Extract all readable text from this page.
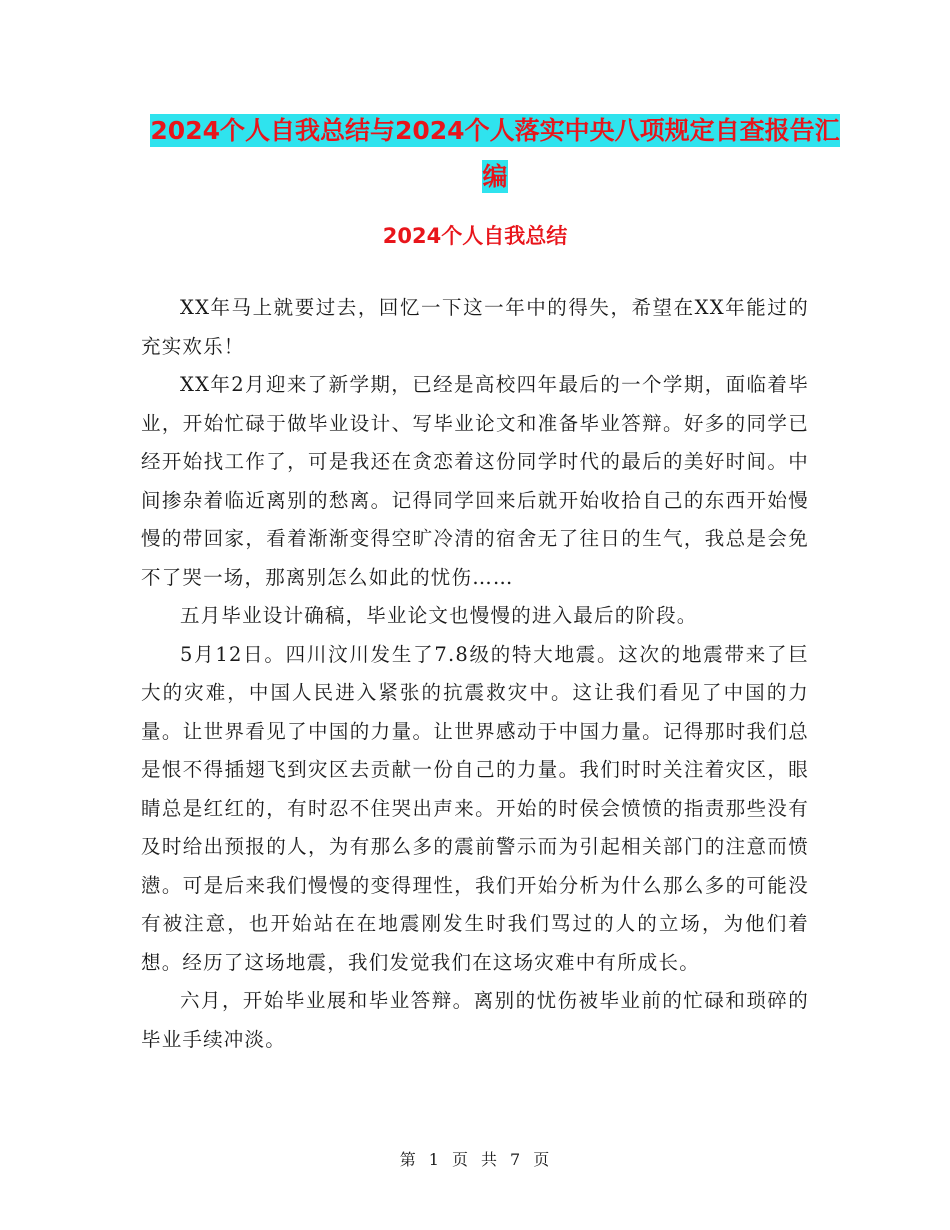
2024个人自我总结与2024个人落实中央八项规定自查报告汇编
2024个人自我总结

XX年马上就要过去，回忆一下这一年中的得失，希望在XX年能过的充实欢乐！

XX年2月迎来了新学期，已经是高校四年最后的一个学期，面临着毕业，开始忙碌于做毕业设计、写毕业论文和准备毕业答辩。好多的同学已经开始找工作了，可是我还在贪恋着这份同学时代的最后的美好时间。中间掺杂着临近离别的愁离。记得同学回来后就开始收拾自己的东西开始慢慢的带回家，看着渐渐变得空旷冷清的宿舍无了往日的生气，我总是会免不了哭一场，那离别怎么如此的忧伤……

五月毕业设计确稿，毕业论文也慢慢的进入最后的阶段。

5月12日。四川汶川发生了7.8级的特大地震。这次的地震带来了巨大的灾难，中国人民进入紧张的抗震救灾中。这让我们看见了中国的力量。让世界看见了中国的力量。让世界感动于中国力量。记得那时我们总是恨不得插翅飞到灾区去贡献一份自己的力量。我们时时关注着灾区，眼睛总是红红的，有时忍不住哭出声来。开始的时侯会愤愤的指责那些没有及时给出预报的人，为有那么多的震前警示而为引起相关部门的注意而愤懑。可是后来我们慢慢的变得理性，我们开始分析为什么那么多的可能没有被注意，也开始站在在地震刚发生时我们骂过的人的立场，为他们着想。经历了这场地震，我们发觉我们在这场灾难中有所成长。

六月，开始毕业展和毕业答辩。离别的忧伤被毕业前的忙碌和琐碎的毕业手续冲淡。

第 1 页 共 7 页
